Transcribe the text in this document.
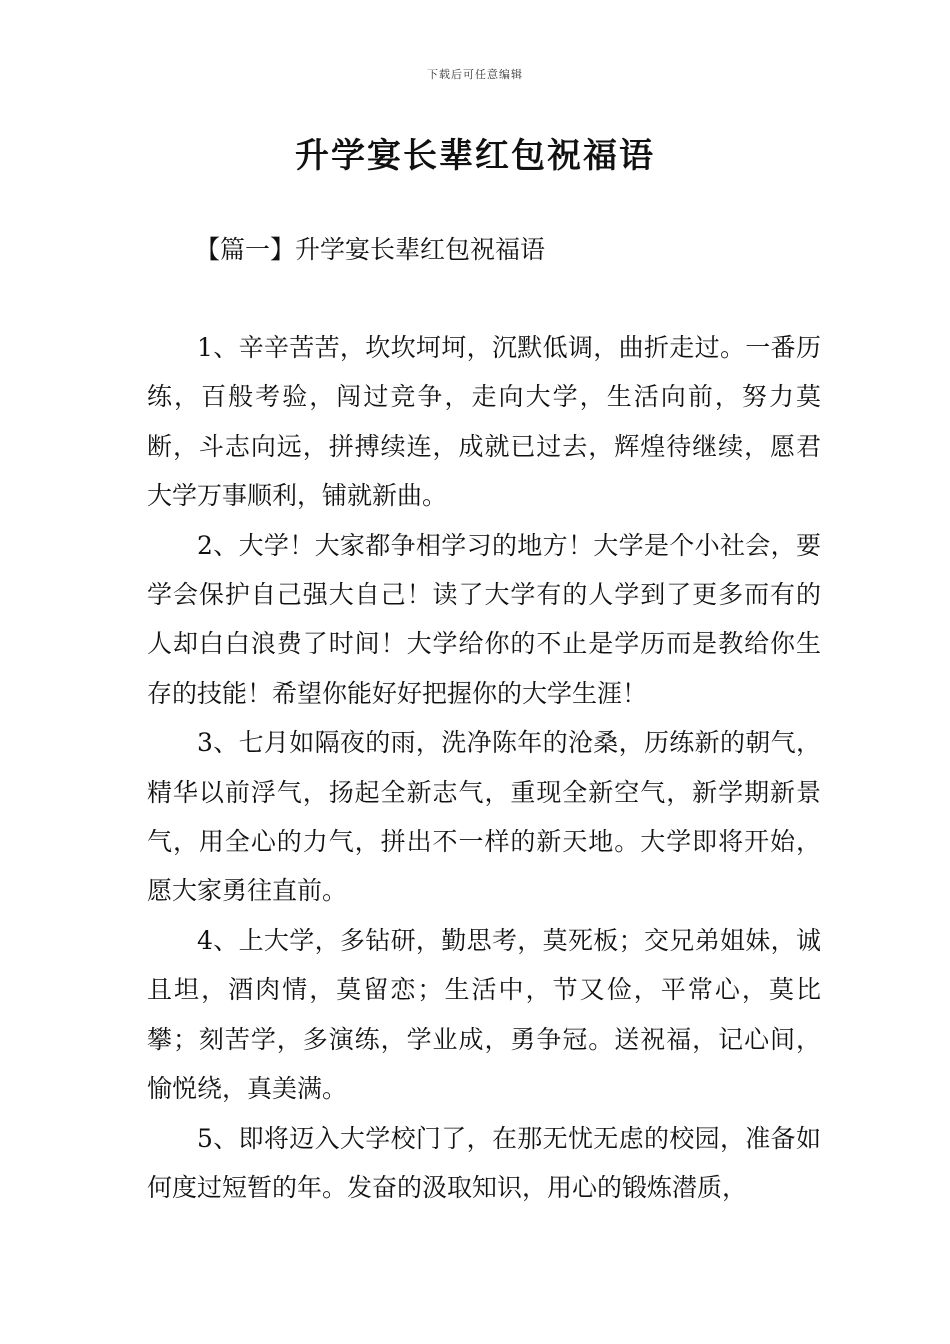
下载后可任意编辑
升学宴长辈红包祝福语
【篇一】升学宴长辈红包祝福语

1、辛辛苦苦，坎坎坷坷，沉默低调，曲折走过。一番历练，百般考验，闯过竞争，走向大学，生活向前，努力莫断，斗志向远，拼搏续连，成就已过去，辉煌待继续，愿君大学万事顺利，铺就新曲。

2、大学！大家都争相学习的地方！大学是个小社会，要学会保护自己强大自己！读了大学有的人学到了更多而有的人却白白浪费了时间！大学给你的不止是学历而是教给你生存的技能！希望你能好好把握你的大学生涯！

3、七月如隔夜的雨，洗净陈年的沧桑，历练新的朝气，精华以前浮气，扬起全新志气，重现全新空气，新学期新景气，用全心的力气，拼出不一样的新天地。大学即将开始，愿大家勇往直前。

4、上大学，多钻研，勤思考，莫死板；交兄弟姐妹，诚且坦，酒肉情，莫留恋；生活中，节又俭，平常心，莫比攀；刻苦学，多演练，学业成，勇争冠。送祝福，记心间，愉悦绕，真美满。

5、即将迈入大学校门了，在那无忧无虑的校园，准备如何度过短暂的年。发奋的汲取知识，用心的锻炼潜质，
